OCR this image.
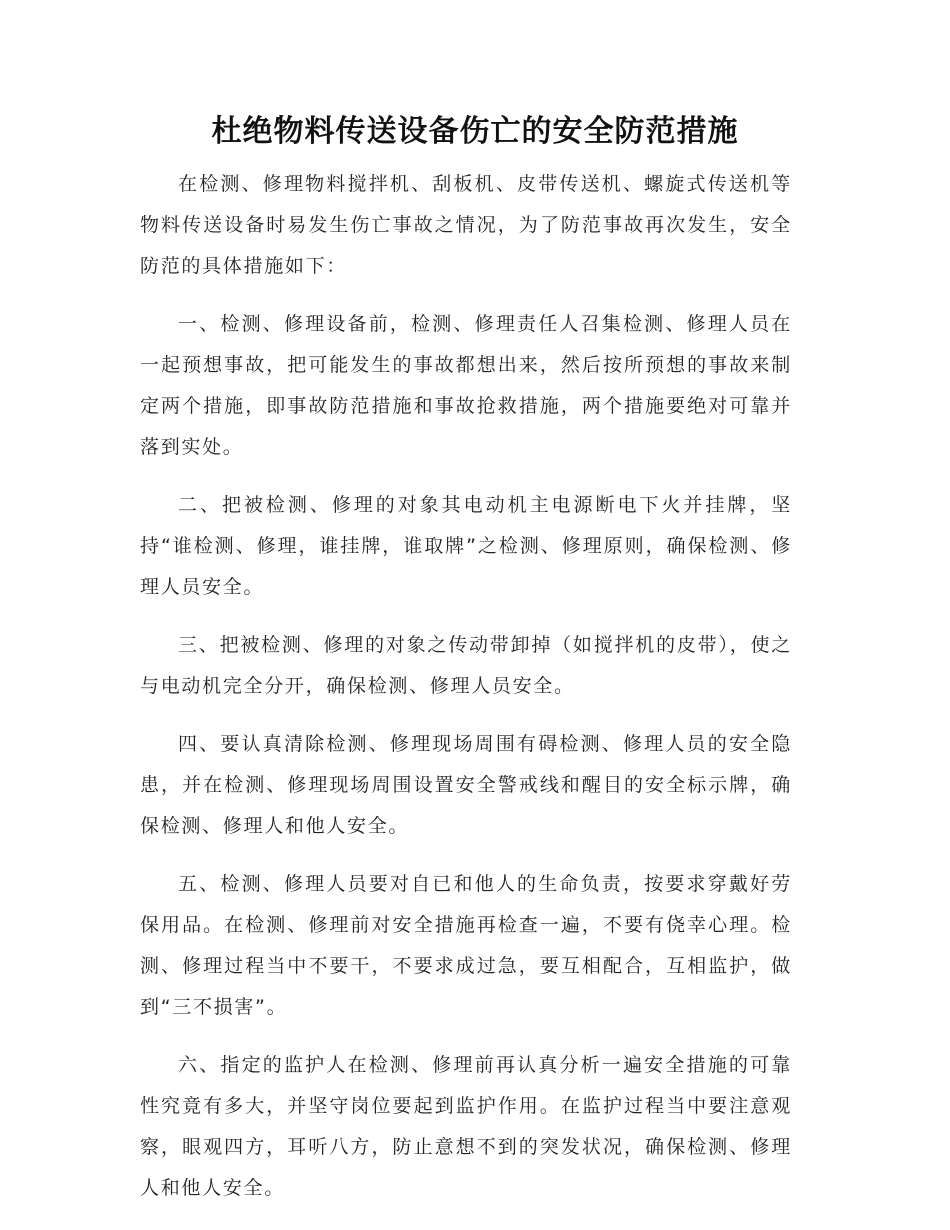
杜绝物料传送设备伤亡的安全防范措施

在检测、修理物料搅拌机、刮板机、皮带传送机、螺旋式传送机等物料传送设备时易发生伤亡事故之情况，为了防范事故再次发生，安全防范的具体措施如下：

一、检测、修理设备前，检测、修理责任人召集检测、修理人员在一起预想事故，把可能发生的事故都想出来，然后按所预想的事故来制定两个措施，即事故防范措施和事故抢救措施，两个措施要绝对可靠并落到实处。

二、把被检测、修理的对象其电动机主电源断电下火并挂牌，坚持“谁检测、修理，谁挂牌，谁取牌”之检测、修理原则，确保检测、修理人员安全。

三、把被检测、修理的对象之传动带卸掉（如搅拌机的皮带），使之与电动机完全分开，确保检测、修理人员安全。

四、要认真清除检测、修理现场周围有碍检测、修理人员的安全隐患，并在检测、修理现场周围设置安全警戒线和醒目的安全标示牌，确保检测、修理人和他人安全。

五、检测、修理人员要对自已和他人的生命负责，按要求穿戴好劳保用品。在检测、修理前对安全措施再检查一遍，不要有侥幸心理。检测、修理过程当中不要干，不要求成过急，要互相配合，互相监护，做到“三不损害”。

六、指定的监护人在检测、修理前再认真分析一遍安全措施的可靠性究竟有多大，并坚守岗位要起到监护作用。在监护过程当中要注意观察，眼观四方，耳听八方，防止意想不到的突发状况，确保检测、修理人和他人安全。
